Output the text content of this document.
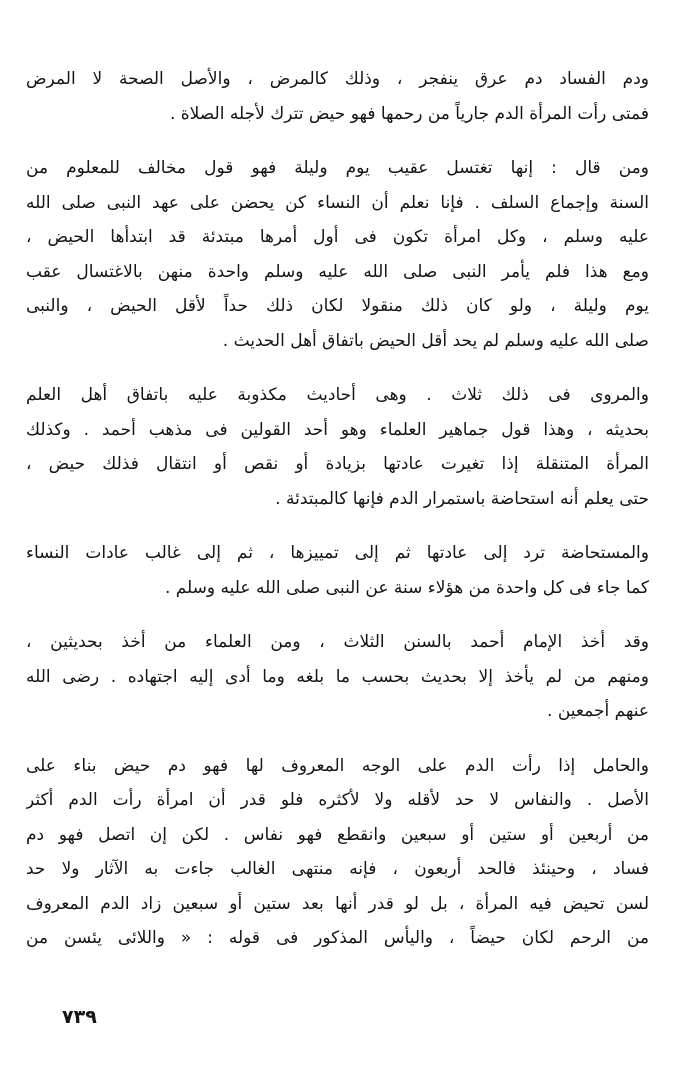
ودم الفساد دم عرق ينفجر ، وذلك كالمرض ، والأصل الصحة لا المرض
فمتى رأت المرأة الدم جارياً من رحمها فهو حيض تترك لأجله الصلاة .
ومن قال : إنها تغتسل عقيب يوم وليلة فهو قول مخالف للمعلوم من
السنة وإجماع السلف . فإنا نعلم أن النساء كن يحضن على عهد النبى صلى الله
عليه وسلم ، وكل امرأة تكون فى أول أمرها مبتدئة قد ابتدأها الحيض ،
ومع هذا فلم يأمر النبى صلى الله عليه وسلم واحدة منهن بالاغتسال عقب
يوم وليلة ، ولو كان ذلك منقولا لكان ذلك حداً لأقل الحيض ، والنبى
صلى الله عليه وسلم لم يحد أقل الحيض باتفاق أهل الحديث .
والمروى فى ذلك ثلاث . وهى أحاديث مكذوبة عليه باتفاق أهل العلم
بحديثه ، وهذا قول جماهير العلماء وهو أحد القولين فى مذهب أحمد . وكذلك
المرأة المتنقلة إذا تغيرت عادتها بزيادة أو نقص أو انتقال فذلك حيض ،
حتى يعلم أنه استحاضة باستمرار الدم فإنها كالمبتدئة .
والمستحاضة ترد إلى عادتها ثم إلى تمييزها ، ثم إلى غالب عادات النساء
كما جاء فى كل واحدة من هؤلاء سنة عن النبى صلى الله عليه وسلم .
وقد أخذ الإمام أحمد بالسنن الثلاث ، ومن العلماء من أخذ بحديثين ،
ومنهم من لم يأخذ إلا بحديث بحسب ما بلغه وما أدى إليه اجتهاده . رضى الله
عنهم أجمعين .
والحامل إذا رأت الدم على الوجه المعروف لها فهو دم حيض بناء على
الأصل . والنفاس لا حد لأقله ولا لأكثره فلو قدر أن امرأة رأت الدم أكثر
من أربعين أو ستين أو سبعين وانقطع فهو نفاس . لكن إن اتصل فهو دم
فساد ، وحينئذ فالحد أربعون ، فإنه منتهى الغالب جاءت به الآثار ولا حد
لسن تحيض فيه المرأة ، بل لو قدر أنها بعد ستين أو سبعين زاد الدم المعروف
من الرحم لكان حيضاً ، واليأس المذكور فى قوله : « واللائى يئسن من
٧٣٩
